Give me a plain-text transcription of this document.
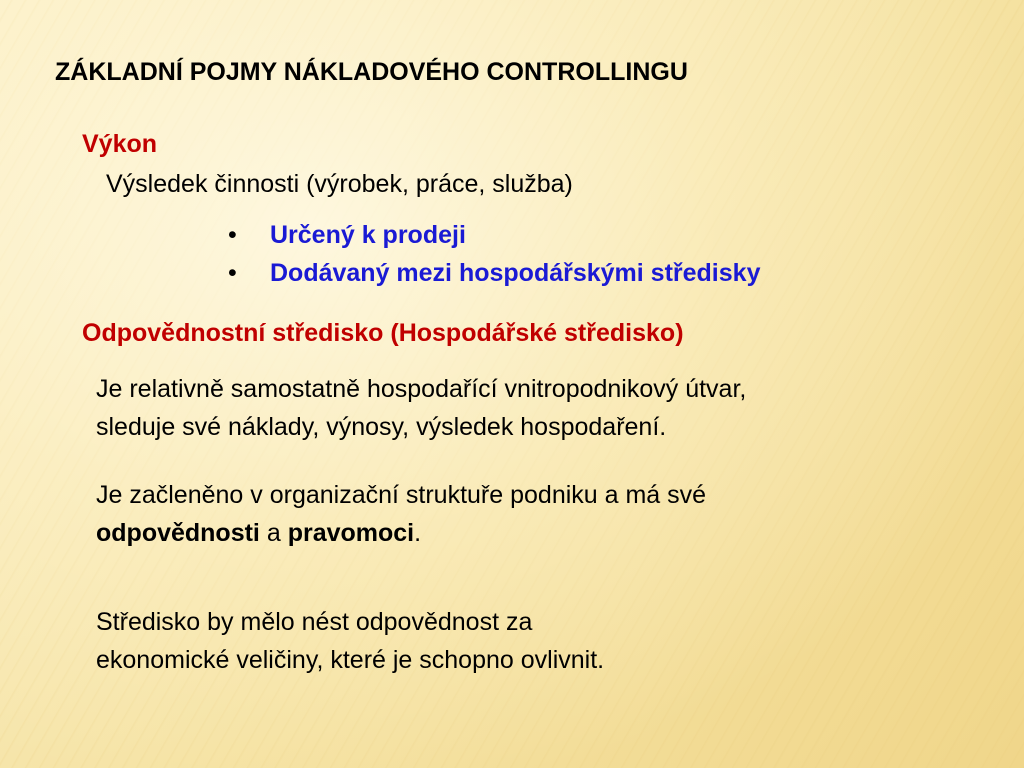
ZÁKLADNÍ POJMY NÁKLADOVÉHO CONTROLLINGU
Výkon
Výsledek činnosti (výrobek, práce, služba)
•	Určený k prodeji
•	Dodávaný mezi hospodářskými středisky
Odpovědnostní středisko (Hospodářské středisko)
Je relativně samostatně hospodařící vnitropodnikový útvar,
sleduje své náklady, výnosy, výsledek hospodaření.
Je začleněno v organizační struktuře podniku a má své
odpovědnosti a pravomoci.
Středisko by mělo nést odpovědnost za
ekonomické veličiny, které je schopno ovlivnit.
